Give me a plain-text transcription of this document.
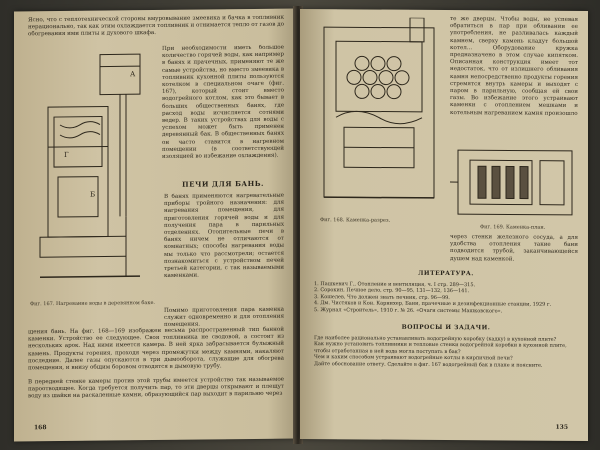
Ясно, что с теплотехнической стороны вмуровывание змеевика и бачка в топливник нерационально, так как этим охлаждается топливник и отнимается тепло от газов до обогревания ими плиты и духового шкафа.
При необходимости иметь большое количество горячей воды, как например в банях и прачечных, применяют те же самые устройства, но вместо змеевика в топливник кухонной плиты пользуются котелком в специальном очаге (фиг. 167), который стоит вместо водогрейного котлом, как это бывает в больших общественных банях, где расход воды исчисляется сотнями ведер. В таких устройствах для воды с успехом может быть применен деревянный бак. В общественных банях он часто ставится в нагревном помещении (в соответствующей изоляцией во избежание охлаждения).
Г
Б
А
Фиг. 167. Нагревание воды в деревянном баке.
ПЕЧИ ДЛЯ БАНЬ.
В банях применяются нагревательные приборы тройного назначения: для нагревания помещения, для приготовления горячей воды и для получения пара в парильных отделениях. Отопительные печи в банях ничем не отличаются от комнатных; способы нагревания воды мы только что рассмотрели; остается познакомиться с устройством печей третьей категории, с так называемыми каменками.
Помимо приготовления пара каменка служит одновременно и для отопления помещения.
щения бань. На фиг. 168—169 изображен весьма распространенный тип банной каменки. Устройство ее следующее. Своя топливника не сводовой, а состоит из нескольких арок. Над ними имеется камера. В ней ярка забрасывается булыжный камень. Продукты горения, проходя через промежутки между камнями, накаляют последние. Далее газы опускаются в три дымооборота, служащие для обогрева помещения, и внизу общим боровом отводятся в дымовую трубу.
В передней стенке камеры против этой трубы имеется устройство так называемое пароотводящее. Когда требуется получить пар, то эти дверцы открывают и плещут воду из шайки на раскаленные камни, образующийся пар выходит в парильню через
168
те же дверцы. Чтобы воды, не успевая обратиться в пар при обливании ее употребления, не разливалась каждый камнем, сверху камень кладут большой котел... Оборудование кружка предназначено в этом случае кипятком. Описанная конструкция имеет тот недостаток, что от излишнего обливания камня непосредственно продукты горения стремятся внутрь камеры и выходят с паром в парильную, сообщая ей свои газы. Во избежание этого устраивают каменки с отоплением мешками и котельным нагреванием камня произошло
Фиг. 168. Каменка-разрез.
Фиг. 169. Каменка-план.
через стенки железного сосуда, а для удобства отопления такие бани подводится трубой, заканчивающейся душем над каменкой.
ЛИТЕРАТУРА.
1. Пашкевич Г., Отопление и вентиляция, ч. I стр. 289—315.
2. Сорокин, Печное дело, стр. 90—95, 131—132, 136—141.
3. Кошелев, Что должен знать печник, стр. 96—99.
4. Дм. Чистяков и Кон. Карнихер, Бани, прачечные и дезинфекционные станции, 1929 г.
5. Журнал «Строитель», 1910 г. № 26. «Очаги системы Машковского».
ВОПРОСЫ И ЗАДАЧИ.
Где наиболее рационально устанавливать водогрейную коробку (кадку) в кухонной плите?
Как нужно установить топливники и тепловые стенки водогрейной коробки в кухонной плите, чтобы отработанная в ней вода могла поступать в бак?
Чем и каким способом устраивают водогрейные котлы в кирпичной печи?
Дайте обоснование ответу. Сделайте в фиг. 167 водогрейный бак в плане и поясните.
135
